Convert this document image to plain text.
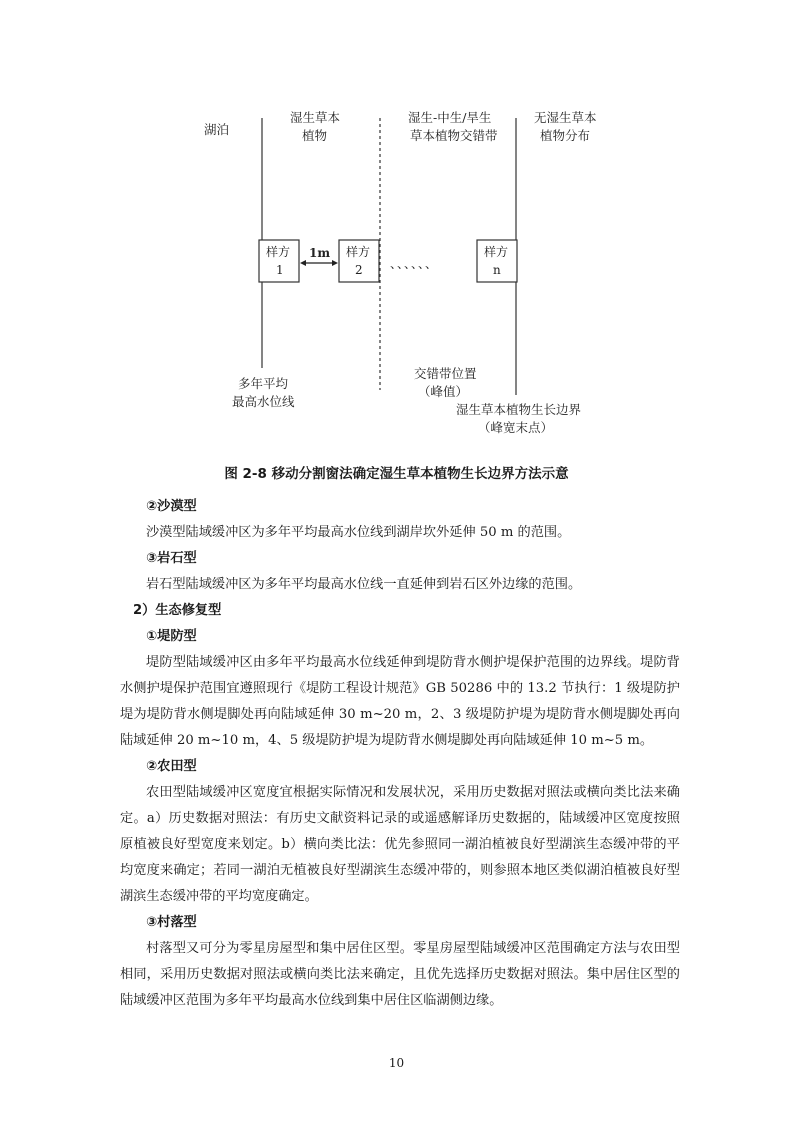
湖泊
湿生草本
植物
湿生-中生/旱生
草本植物交错带
无湿生草本
植物分布
样方
1
样方
2
样方
n
1m
、、、、、、
多年平均
最高水位线
交错带位置
（峰值）
湿生草本植物生长边界
（峰宽末点）
图 2-8 移动分割窗法确定湿生草本植物生长边界方法示意
②沙漠型

沙漠型陆域缓冲区为多年平均最高水位线到湖岸坎外延伸 50 m 的范围。

③岩石型

岩石型陆域缓冲区为多年平均最高水位线一直延伸到岩石区外边缘的范围。

2）生态修复型
①堤防型

堤防型陆域缓冲区由多年平均最高水位线延伸到堤防背水侧护堤保护范围的边界线。堤防背水侧护堤保护范围宜遵照现行《堤防工程设计规范》GB 50286 中的 13.2 节执行：1 级堤防护堤为堤防背水侧堤脚处再向陆域延伸 30 m~20 m，2、3 级堤防护堤为堤防背水侧堤脚处再向陆域延伸 20 m~10 m，4、5 级堤防护堤为堤防背水侧堤脚处再向陆域延伸 10 m~5 m。

②农田型

农田型陆域缓冲区宽度宜根据实际情况和发展状况，采用历史数据对照法或横向类比法来确定。a）历史数据对照法：有历史文献资料记录的或遥感解译历史数据的，陆域缓冲区宽度按照原植被良好型宽度来划定。b）横向类比法：优先参照同一湖泊植被良好型湖滨生态缓冲带的平均宽度来确定；若同一湖泊无植被良好型湖滨生态缓冲带的，则参照本地区类似湖泊植被良好型湖滨生态缓冲带的平均宽度确定。

③村落型

村落型又可分为零星房屋型和集中居住区型。零星房屋型陆域缓冲区范围确定方法与农田型相同，采用历史数据对照法或横向类比法来确定，且优先选择历史数据对照法。集中居住区型的陆域缓冲区范围为多年平均最高水位线到集中居住区临湖侧边缘。

10
